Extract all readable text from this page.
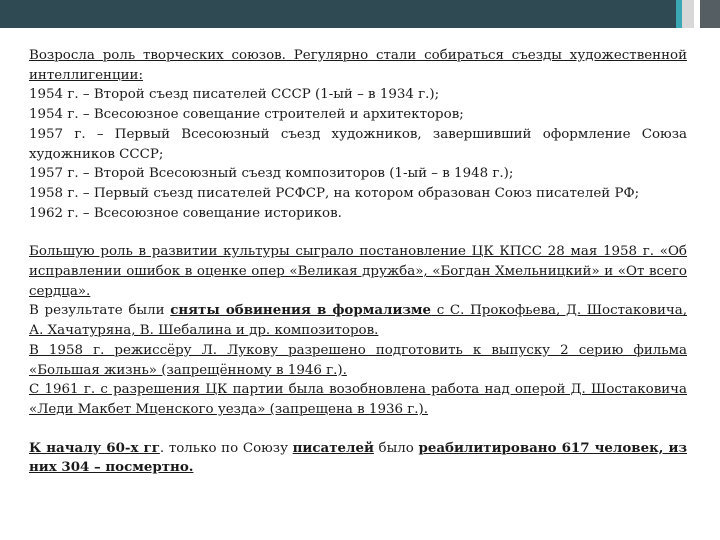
Возросла роль творческих союзов. Регулярно стали собираться съезды художественной интеллигенции:

1954 г. – Второй съезд писателей СССР (1-ый – в 1934 г.);

1954 г. – Всесоюзное совещание строителей и архитекторов;

1957 г. – Первый Всесоюзный съезд художников, завершивший оформление Союза художников СССР;

1957 г. – Второй Всесоюзный съезд композиторов (1-ый – в 1948 г.);

1958 г. – Первый съезд писателей РСФСР, на котором образован Союз писателей РФ;

1962 г. – Всесоюзное совещание историков.

Большую роль в развитии культуры сыграло постановление ЦК КПСС 28 мая 1958 г. «Об исправлении ошибок в оценке опер «Великая дружба», «Богдан Хмельницкий» и «От всего сердца».

В результате были сняты обвинения в формализме с С. Прокофьева, Д. Шостаковича, А. Хачатуряна, В. Шебалина и др. композиторов.

В 1958 г. режиссёру Л. Лукову разрешено подготовить к выпуску 2 серию фильма «Большая жизнь» (запрещённому в 1946 г.).

С 1961 г. с разрешения ЦК партии была возобновлена работа над оперой Д. Шостаковича «Леди Макбет Мценского уезда» (запрещена в 1936 г.).

К началу 60-х гг. только по Союзу писателей было реабилитировано 617 человек, из них 304 – посмертно.
